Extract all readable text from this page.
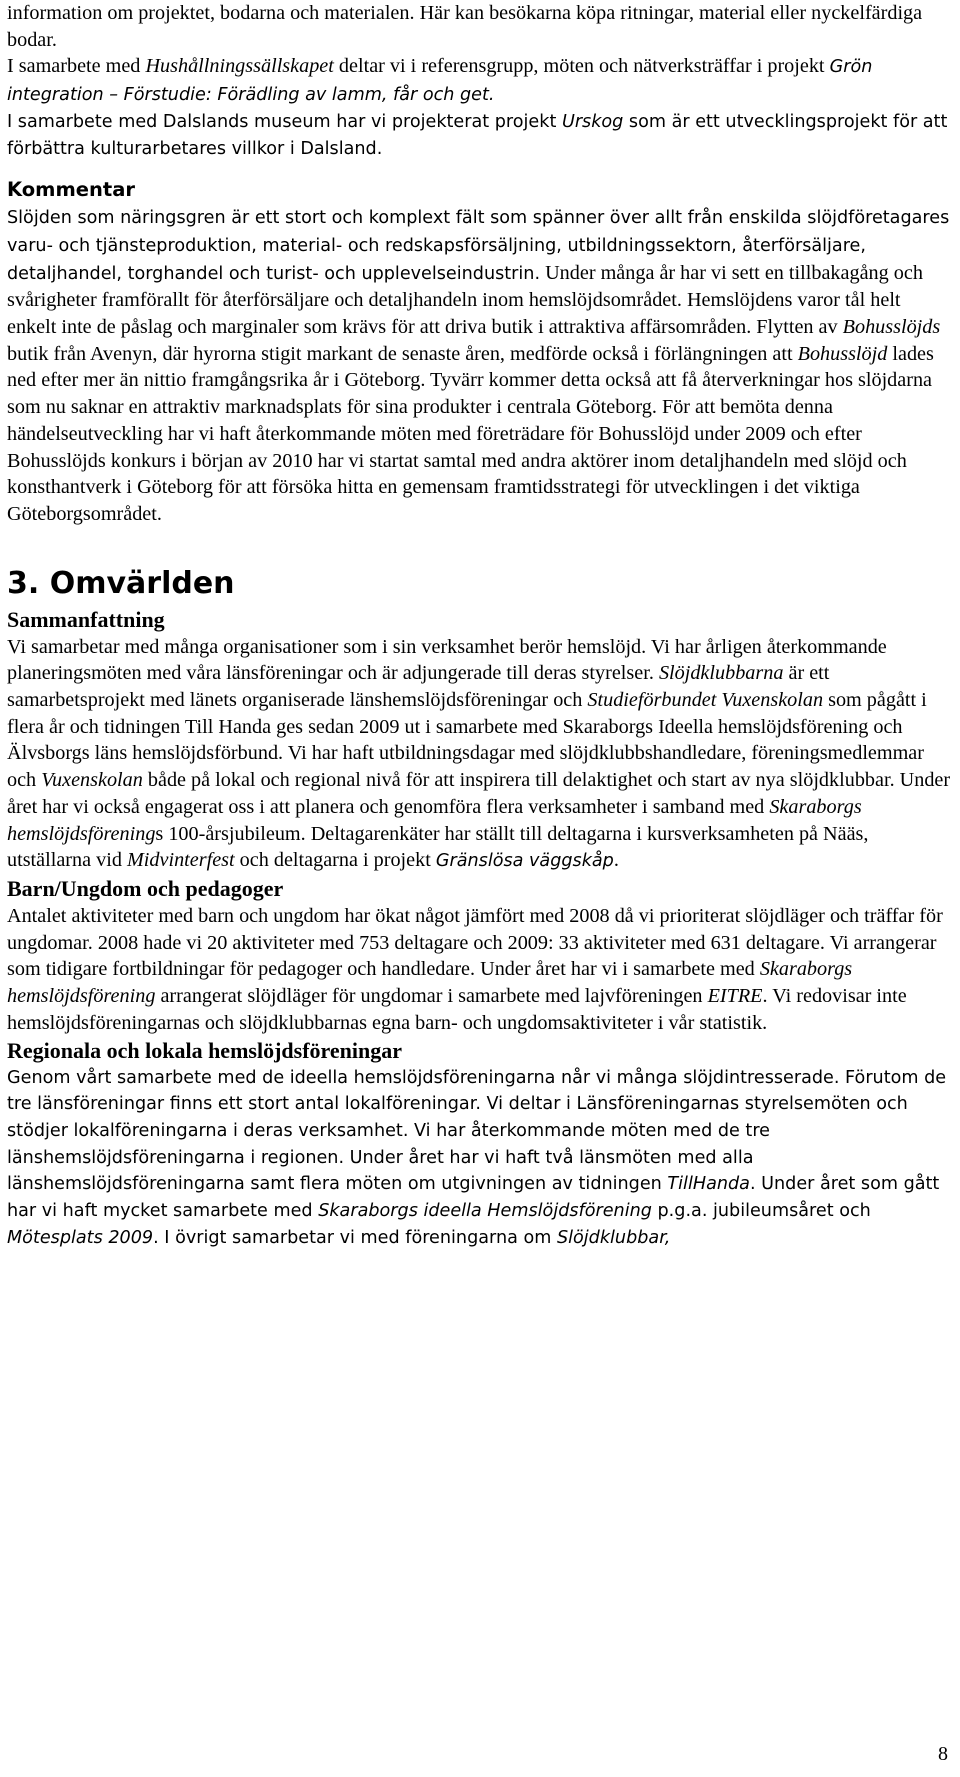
information om projektet, bodarna och materialen. Här kan besökarna köpa ritningar, material eller nyckelfärdiga bodar.

I samarbete med Hushållningssällskapet deltar vi i referensgrupp, möten och nätverksträffar i projekt Grön integration – Förstudie: Förädling av lamm, får och get.

I samarbete med Dalslands museum har vi projekterat projekt Urskog som är ett utvecklingsprojekt för att förbättra kulturarbetares villkor i Dalsland.

Kommentar

Slöjden som näringsgren är ett stort och komplext fält som spänner över allt från enskilda slöjdföretagares varu- och tjänsteproduktion, material- och redskapsförsäljning, utbildningssektorn, återförsäljare, detaljhandel, torghandel och turist- och upplevelseindustrin. Under många år har vi sett en tillbakagång och svårigheter framförallt för återförsäljare och detaljhandeln inom hemslöjdsområdet. Hemslöjdens varor tål helt enkelt inte de påslag och marginaler som krävs för att driva butik i attraktiva affärsområden. Flytten av Bohusslöjds butik från Avenyn, där hyrorna stigit markant de senaste åren, medförde också i förlängningen att Bohusslöjd lades ned efter mer än nittio framgångsrika år i Göteborg. Tyvärr kommer detta också att få återverkningar hos slöjdarna som nu saknar en attraktiv marknadsplats för sina produkter i centrala Göteborg. För att bemöta denna händelseutveckling har vi haft återkommande möten med företrädare för Bohusslöjd under 2009 och efter Bohusslöjds konkurs i början av 2010 har vi startat samtal med andra aktörer inom detaljhandeln med slöjd och konsthantverk i Göteborg för att försöka hitta en gemensam framtidsstrategi för utvecklingen i det viktiga Göteborgsområdet.

3. Omvärlden
Sammanfattning

Vi samarbetar med många organisationer som i sin verksamhet berör hemslöjd. Vi har årligen återkommande planeringsmöten med våra länsföreningar och är adjungerade till deras styrelser. Slöjdklubbarna är ett samarbetsprojekt med länets organiserade länshemslöjdsföreningar och Studieförbundet Vuxenskolan som pågått i flera år och tidningen Till Handa ges sedan 2009 ut i samarbete med Skaraborgs Ideella hemslöjdsförening och Älvsborgs läns hemslöjdsförbund. Vi har haft utbildningsdagar med slöjdklubbshandledare, föreningsmedlemmar och Vuxenskolan både på lokal och regional nivå för att inspirera till delaktighet och start av nya slöjdklubbar. Under året har vi också engagerat oss i att planera och genomföra flera verksamheter i samband med Skaraborgs hemslöjdsförenings 100-årsjubileum. Deltagarenkäter har ställt till deltagarna i kursverksamheten på Nääs, utställarna vid Midvinterfest och deltagarna i projekt Gränslösa väggskåp.

Barn/Ungdom och pedagoger

Antalet aktiviteter med barn och ungdom har ökat något jämfört med 2008 då vi prioriterat slöjdläger och träffar för ungdomar. 2008 hade vi 20 aktiviteter med 753 deltagare och 2009: 33 aktiviteter med 631 deltagare. Vi arrangerar som tidigare fortbildningar för pedagoger och handledare. Under året har vi i samarbete med Skaraborgs hemslöjdsförening arrangerat slöjdläger för ungdomar i samarbete med lajvföreningen EITRE. Vi redovisar inte hemslöjdsföreningarnas och slöjdklubbarnas egna barn- och ungdomsaktiviteter i vår statistik.

Regionala och lokala hemslöjdsföreningar

Genom vårt samarbete med de ideella hemslöjdsföreningarna når vi många slöjdintresserade. Förutom de tre länsföreningar finns ett stort antal lokalföreningar. Vi deltar i Länsföreningarnas styrelsemöten och stödjer lokalföreningarna i deras verksamhet. Vi har återkommande möten med de tre länshemslöjdsföreningarna i regionen. Under året har vi haft två länsmöten med alla länshemslöjdsföreningarna samt flera möten om utgivningen av tidningen TillHanda. Under året som gått har vi haft mycket samarbete med Skaraborgs ideella Hemslöjdsförening p.g.a. jubileumsåret och Mötesplats 2009. I övrigt samarbetar vi med föreningarna om Slöjdklubbar,

8
